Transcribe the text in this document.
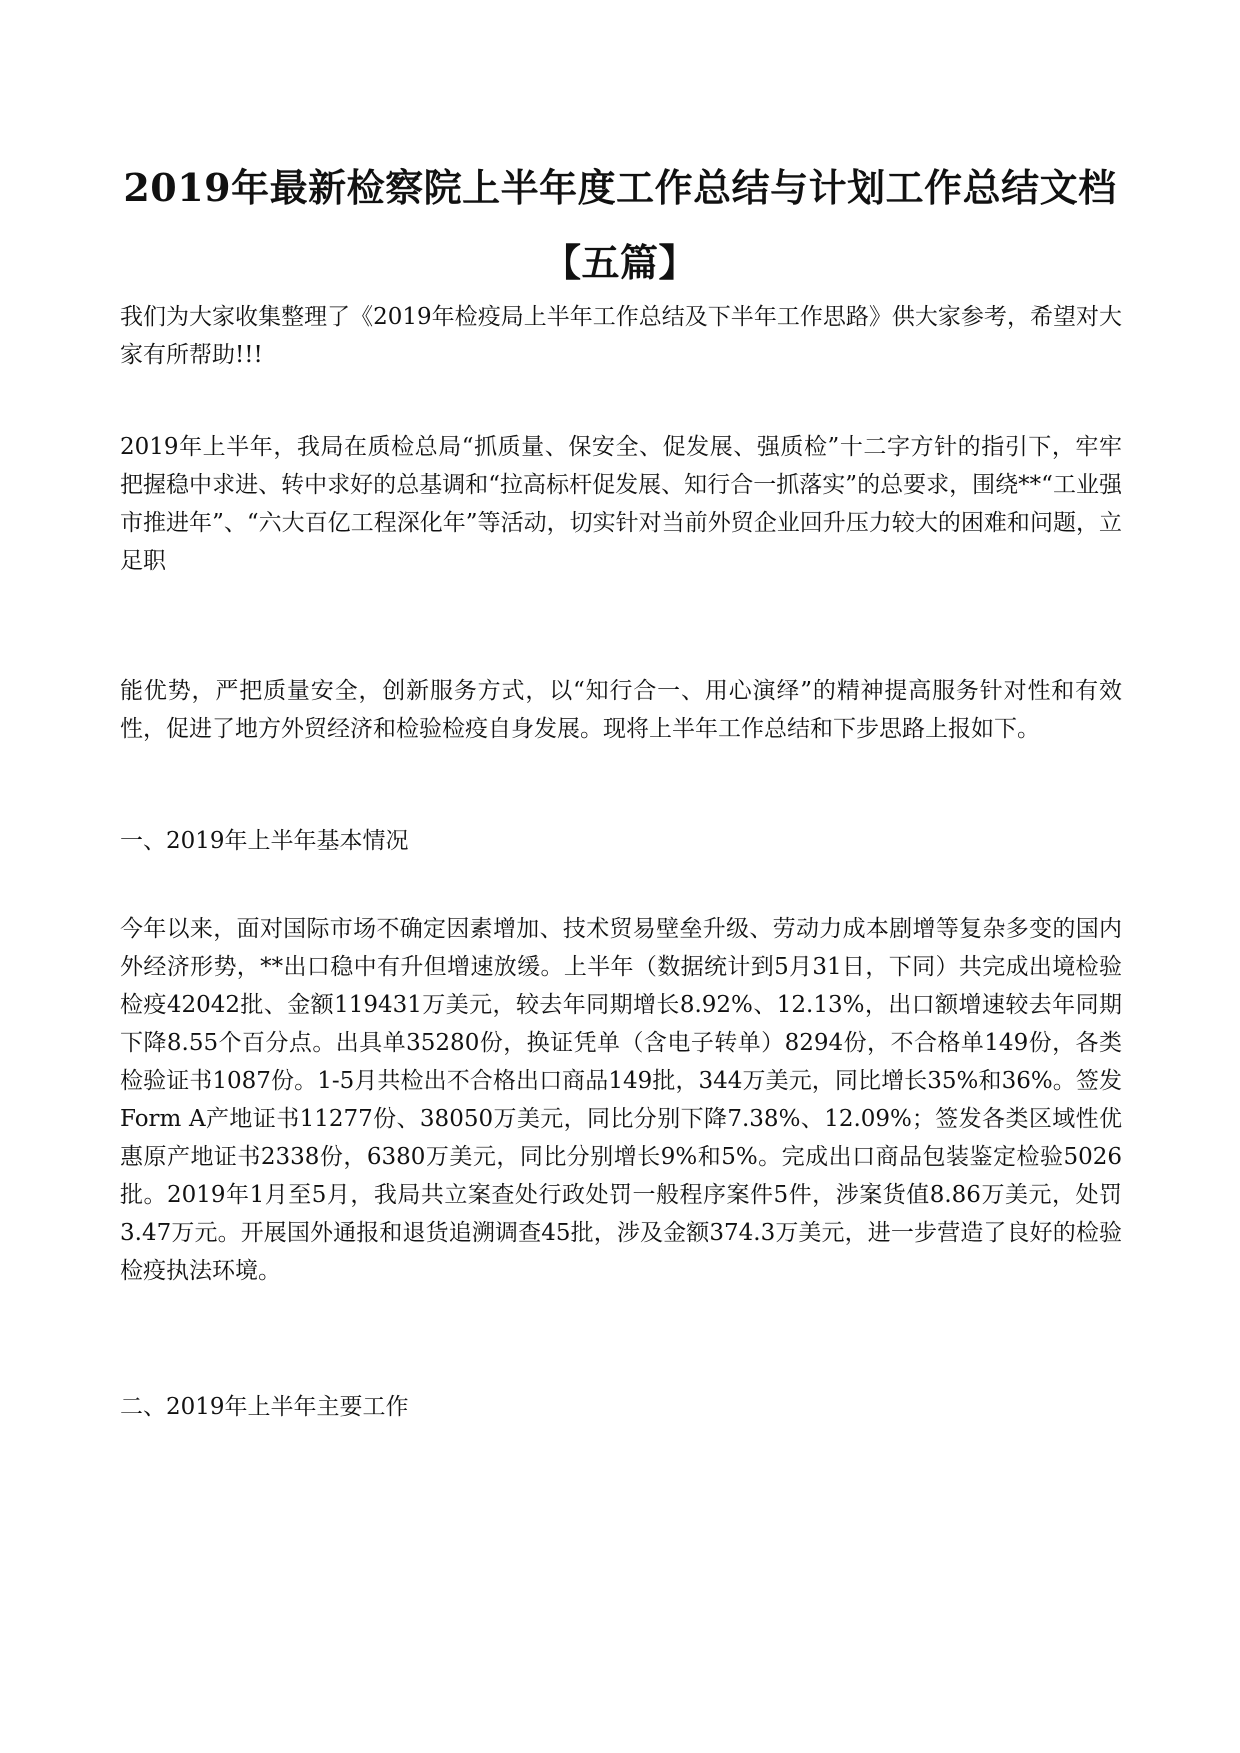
2019年最新检察院上半年度工作总结与计划工作总结文档【五篇】

我们为大家收集整理了《2019年检疫局上半年工作总结及下半年工作思路》供大家参考，希望对大家有所帮助!!!

2019年上半年，我局在质检总局“抓质量、保安全、促发展、强质检”十二字方针的指引下，牢牢把握稳中求进、转中求好的总基调和“拉高标杆促发展、知行合一抓落实”的总要求，围绕**“工业强市推进年”、“六大百亿工程深化年”等活动，切实针对当前外贸企业回升压力较大的困难和问题，立足职

能优势，严把质量安全，创新服务方式，以“知行合一、用心演绎”的精神提高服务针对性和有效性，促进了地方外贸经济和检验检疫自身发展。现将上半年工作总结和下步思路上报如下。

一、2019年上半年基本情况

今年以来，面对国际市场不确定因素增加、技术贸易壁垒升级、劳动力成本剧增等复杂多变的国内外经济形势，**出口稳中有升但增速放缓。上半年（数据统计到5月31日，下同）共完成出境检验检疫42042批、金额119431万美元，较去年同期增长8.92%、12.13%，出口额增速较去年同期下降8.55个百分点。出具单35280份，换证凭单（含电子转单）8294份，不合格单149份，各类检验证书1087份。1-5月共检出不合格出口商品149批，344万美元，同比增长35%和36%。签发Form A产地证书11277份、38050万美元，同比分别下降7.38%、12.09%；签发各类区域性优惠原产地证书2338份，6380万美元，同比分别增长9%和5%。完成出口商品包装鉴定检验5026批。2019年1月至5月，我局共立案查处行政处罚一般程序案件5件，涉案货值8.86万美元，处罚3.47万元。开展国外通报和退货追溯调查45批，涉及金额374.3万美元，进一步营造了良好的检验检疫执法环境。

二、2019年上半年主要工作
